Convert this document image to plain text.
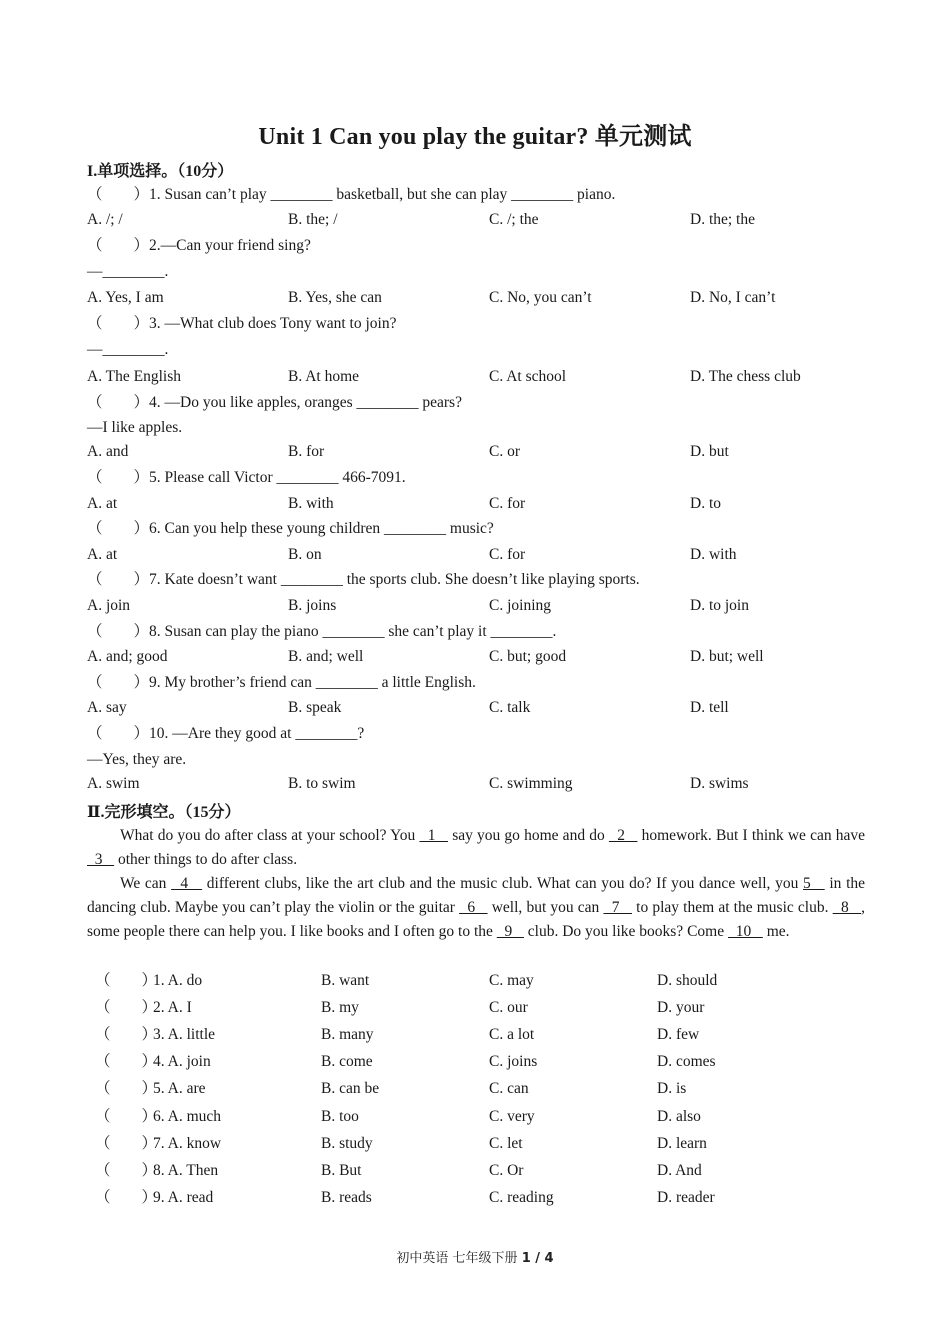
Unit 1 Can you play the guitar? 单元测试
I.单项选择。（10分）
（　　）1. Susan can’t play ________ basketball, but she can play ________ piano.
A. /; /	B. the; /	C. /; the	D. the; the
（　　）2.—Can your friend sing?
—________.
A. Yes, I am	B. Yes, she can	C. No, you can’t	D. No, I can’t
（　　）3. —What club does Tony want to join?
—________.
A. The English	B. At home	C. At school	D. The chess club
（　　）4. —Do you like apples, oranges ________ pears?
—I like apples.
A. and	B. for	C. or	D. but
（　　）5. Please call Victor ________ 466-7091.
A. at	B. with	C. for	D. to
（　　）6. Can you help these young children ________ music?
A. at	B. on	C. for	D. with
（　　）7. Kate doesn’t want ________ the sports club. She doesn’t like playing sports.
A. join	B. joins	C. joining	D. to join
（　　）8. Susan can play the piano ________ she can’t play it ________.
A. and; good	B. and; well	C. but; good	D. but; well
（　　）9. My brother’s friend can ________ a little English.
A. say	B. speak	C. talk	D. tell
（　　）10. —Are they good at ________?
—Yes, they are.
A. swim	B. to swim	C. swimming	D. swims
Ⅱ.完形填空。（15分）
What do you do after class at your school? You   1    say you go home and do   2    homework. But I think we can have   3    other things to do after class.
We can   4    different clubs, like the art club and the music club. What can you do? If you dance well, you 5    in the dancing club. Maybe you can’t play the violin or the guitar   6    well, but you can   7    to play them at the music club.   8   , some people there can help you. I like books and I often go to the   9    club. Do you like books? Come   10    me.
（　　）
1. A. do	B. want	C. may	D. should
（　　）
2. A. I	B. my	C. our	D. your
（　　）
3. A. little	B. many	C. a lot	D. few
（　　）
4. A. join	B. come	C. joins	D. comes
（　　）
5. A. are	B. can be	C. can	D. is
（　　）
6. A. much	B. too	C. very	D. also
（　　）
7. A. know	B. study	C. let	D. learn
（　　）
8. A. Then	B. But	C. Or	D. And
（　　）
9. A. read	B. reads	C. reading	D. reader
初中英语 七年级下册 1 / 4
